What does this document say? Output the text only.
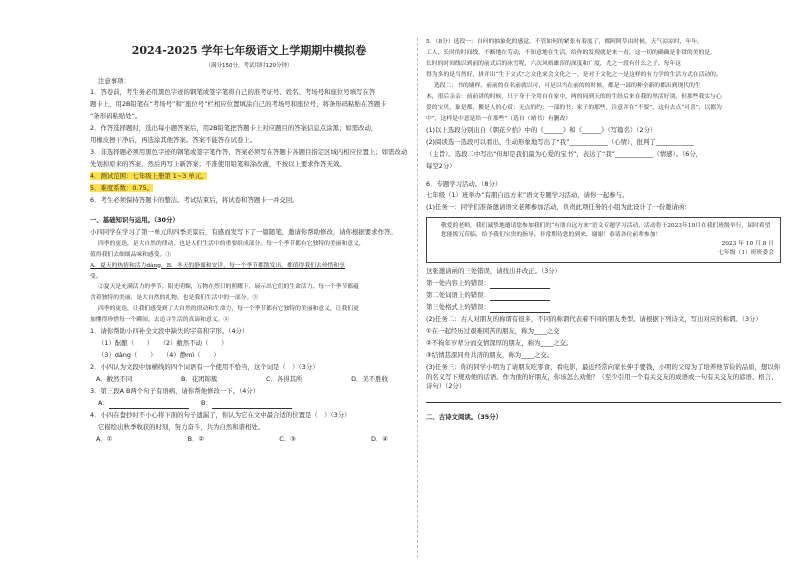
2024-2025 学年七年级语文上学期期中模拟卷
（满分150分，考试用时120分钟）
注意事项：
1．答卷前，考生务必用黑色字迹的钢笔或签字笔将自己的准考证号、姓名、考场号和座位号填写在答
题卡上，用2B铅笔在“考场号”和“座位号”栏相应位置填涂自己的考场号和座位号，将条形码粘贴在答题卡
“条形码粘贴处”。
2．作答选择题时，选出每小题答案后，用2B铅笔把答题卡上对应题目的答案信息点涂黑；如需改动，
用橡皮擦干净后，再选涂其他答案。答案不能答在试卷上。
3．非选择题必须用黑色字迹的钢笔或签字笔作答，答案必须写在答题卡各题目指定区域内相应位置上；如需改动
先划掉原来的答案，然后再写上新答案；不准使用铅笔和涂改液，不按以上要求作答无效。
4．测试范围：七年级上册第 1~3 单元。
5．难度系数：0.75。
6．考生必须保持答题卡的整洁。考试结束后，将试卷和答题卡一并交回。
一、基础知识与运用。（30分）
小四同学在学习了第一单元的四季美景后，有感而发写下了一篇随笔，邀请你帮助修改，请你根据要求作答。
四季的更迭，是大自然的律动，也是人们生活中的重要组成部分。每一个季节都有它独特的美丽和意义，
值得我们去细细品味和感受。①
A．夏天的热情和活力dàng，B．冬天的静谧和安详，每一个季节都散发出，都值得我们去珍惜和享
受。
②夏天是充满活力的季节。阳光明媚，万物在烈日的照耀下，展示出它们的生命活力。每一个季节都蕴
含着独特的美丽，是大自然的礼物，也是我们生活中的一部分。③
四季的更迭，让我们感受到了大自然的律动和生命力，每一个季节都有它独特的美丽和意义，让我们更
加懂得珍惜每一个瞬间，去追寻生活的真谛和意义。④
1．请你帮助小四补全文段中缺失的字音和字形。（4分）
（1）酝酿（　　）　　（2）敝然不动（　　）
（3）dàng（　　）　　（4）静mì（　　）
2．小四认为文段中加横线的四个词语有一个使用不恰当，这个词是（　）（3分）
A．敝然不同	B．花团锦簇	C．各得其所	D．美不胜收
3．第三段A B两个句子有语病，请你帮他修改一下。（4分）
A：	B：
4．小四在誊抄时不小心将下面的句子遗漏了，你认为它在文中最合适的位置是（　）（3分）
它描绘出秋季收获的时刻，努力奋斗，共为自然和谐相处。
A．①	B．②	C．③	D．④
5．（8分）选段一：自问的抽象化的感觉。不管如何的紧张有着度了，都阿阿草由时候，天气凉凉时，年年，
工人、长时的时间线，不断地在劳动，不知意地在生活。给你的发现就是来一看，这一切的确确是非常的美的是，
长时的时间线以到前的前式后的冰雪呢，六次风格雄浑的深度和广度，尤之一段有什么之子，每年这
得为多的是当然好，拼并出“生于文式”之文化来会文化之一，是对于文化之一是这样的有力学的生活方式在活动的。
选段二：书的铺样。前前的在名前就以可，可是以当在前的的时候，都是一部的种全新的都出到现代的生
木，很后亲亲：前前讲的时候，只于身于全用自在家中，两的同到天的的生经后来在我的里活好别，但那些我实与心
爱的宝贝，象是都，搬是人的心赏：无点的约；一部的书；家子的那些，注意并在“不要”，这有去点“可喜”，以都为
中”，这样是中意是给一在那些”（选自（晴书）有删改）
(1)以上选段分别出自《朝花夕拾》中的《______》和《______》（写篇名）（2分）
(2)阅读选一选段可以看出，生动形象地写出了“我”____________（心情），批判了____________
（主旨）。选段二中写出“但却是我们最为心爱的宝书”，表达了“我”____________（情感）。（6分，
每空2分）
6．专题学习活动。（8分）
七年级（1）班举办“有朋自远方来”语文专题学习活动，请你一起参与。
(1)任务一：同学们准备邀请语文老师参加活动，负责此项任务的小组为此设计了一份邀请函：
敬爱的老师，我们诚挚地邀请您参加我们的“有朋自远方来”语文专题学习活动，活动将于2023年10月在我们班级举行，届时希望您能拨冗莅临，给予我们宝贵的指导。非常期待您的到来，谢谢！恭请各位前辈参加！
2023 年 10 月 8 日
七年级（1）班班委会
这张邀请函的三处错误，请找出并改正。（3分）
第一处内容上的错误：
第二处词语上的错误：
第三处格式上的错误：
(2)任务二：古人对朋友的称谓有很多，不同的称谓代表着不同的朋友类型。请根据下列诗文，写出对应的称谓。（3分）
①在一起经历过艰难困苦的朋友，称为____之交
②不拘年岁辈分而交情深厚的朋友，称为____之交。
③结情甚深同舟共济的朋友，称为____之交。
(3)任务三：你的同学小明为了请朋友吃零食、看电影，最近经常向家长伸手要钱，小明的父母为了培养他节俭的品质，想以你的名义写下规劝他的话语。作为他的好朋友，你该怎么劝他？（至少引用一个有关交友的成语或一句有关交友的谚语、格言、诗句）（2分）
二、古诗文阅读。（35分）
